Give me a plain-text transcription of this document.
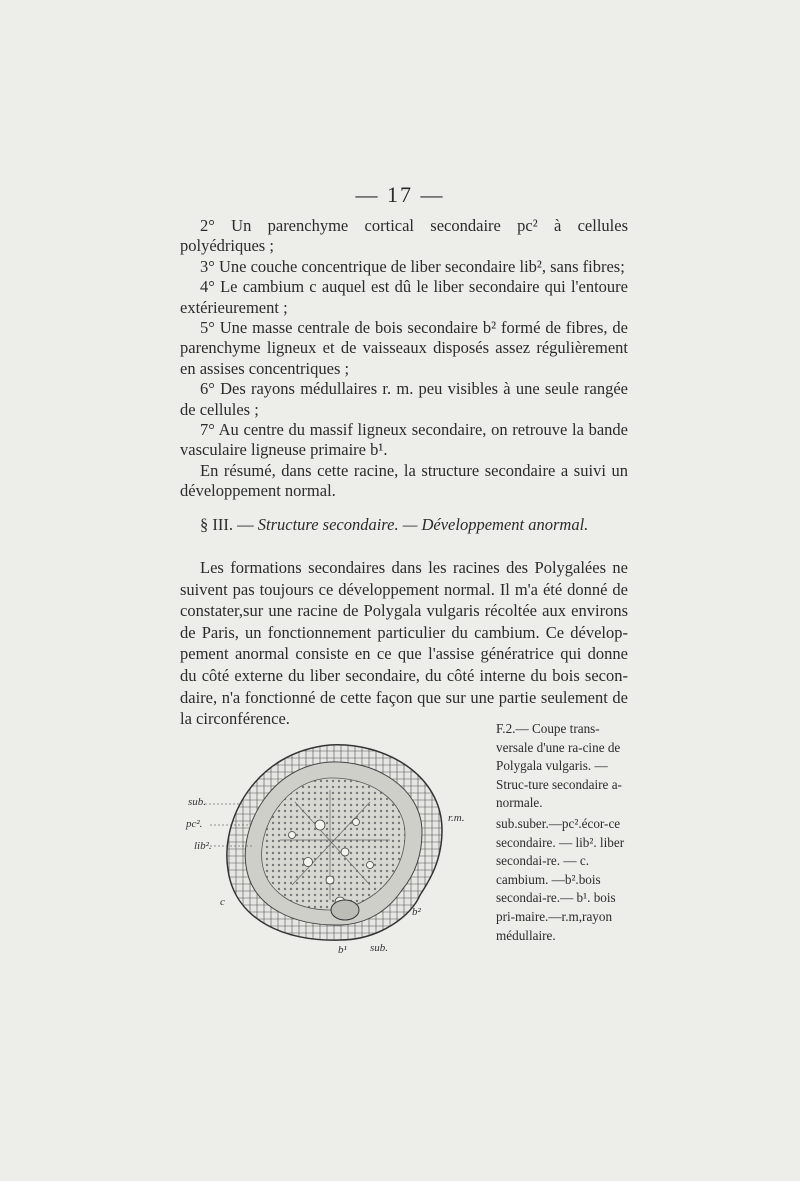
— 17 —

2° Un parenchyme cortical secondaire pc² à cellules polyédriques ;

3° Une couche concentrique de liber secondaire lib², sans fibres;

4° Le cambium c auquel est dû le liber secondaire qui l'entoure extérieurement ;

5° Une masse centrale de bois secondaire b² formé de fibres, de parenchyme ligneux et de vaisseaux disposés assez régulièrement en assises concentriques ;

6° Des rayons médullaires r. m. peu visibles à une seule rangée de cellules ;

7° Au centre du massif ligneux secondaire, on retrouve la bande vasculaire ligneuse primaire b¹.

En résumé, dans cette racine, la structure secondaire a suivi un développement normal.

§ III. — Structure secondaire. — Développement anormal.

Les formations secondaires dans les racines des Polygalées ne suivent pas toujours ce développement normal. Il m'a été donné de constater,sur une racine de Polygala vulgaris récoltée aux environs de Paris, un fonctionnement particulier du cambium. Ce dévelop-pement anormal consiste en ce que l'assise génératrice qui donne du côté externe du liber secondaire, du côté interne du bois secon-daire, n'a fonctionné de cette façon que sur une partie seulement de la circonférence.

sub.
pc².
lib².
r.m.
c
b²
b¹ sub.

F.2.— Coupe trans-versale d'une ra-cine de Polygala vulgaris. — Struc-ture secondaire a-normale.

sub.suber.—pc².écor-ce secondaire. — lib². liber secondai-re. — c. cambium. —b².bois secondai-re.— b¹. bois pri-maire.—r.m,rayon médullaire.
